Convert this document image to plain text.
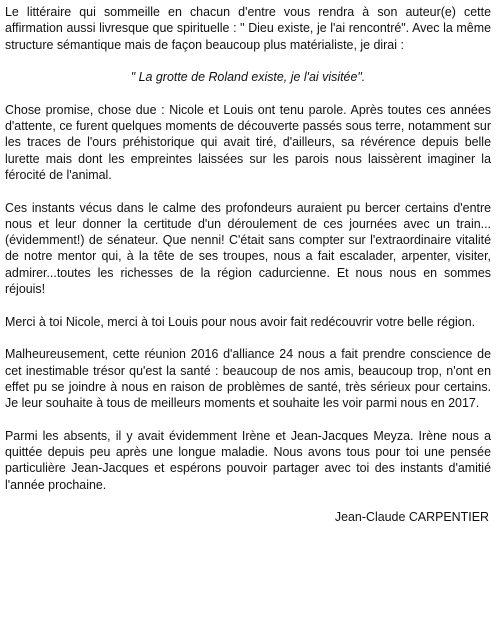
Le littéraire qui sommeille en chacun d'entre vous rendra à son auteur(e) cette affirmation aussi livresque que spirituelle : " Dieu existe, je l'ai rencontré". Avec la même structure sémantique mais de façon beaucoup plus matérialiste, je dirai :

" La grotte de Roland existe, je l'ai visitée".

Chose promise, chose due : Nicole et Louis ont tenu parole. Après toutes ces années d'attente, ce furent quelques moments de découverte passés sous terre, notamment sur les traces de l'ours préhistorique qui avait tiré, d'ailleurs, sa révérence depuis belle lurette mais dont les empreintes laissées sur les parois nous laissèrent imaginer la férocité de l'animal.

Ces instants vécus dans le calme des profondeurs auraient pu bercer certains d'entre nous et leur donner la certitude d'un déroulement de ces journées avec un train...(évidemment!) de sénateur. Que nenni! C'était sans compter sur l'extraordinaire vitalité de notre mentor qui, à la tête de ses troupes, nous a fait escalader, arpenter, visiter, admirer...toutes les richesses de la région cadurcienne. Et nous nous en sommes réjouis!

Merci à toi Nicole, merci à toi Louis pour nous avoir fait redécouvrir votre belle région.

Malheureusement, cette réunion 2016 d'alliance 24 nous a fait prendre conscience de cet inestimable trésor qu'est la santé : beaucoup de nos amis, beaucoup trop, n'ont en effet pu se joindre à nous en raison de problèmes de santé, très sérieux pour certains. Je leur souhaite à tous de meilleurs moments et souhaite les voir parmi nous en 2017.

Parmi les absents, il y avait évidemment Irène et Jean-Jacques Meyza. Irène nous a quittée depuis peu après une longue maladie. Nous avons tous pour toi une pensée particulière Jean-Jacques et espérons pouvoir partager avec toi des instants d'amitié l'année prochaine.

Jean-Claude CARPENTIER
